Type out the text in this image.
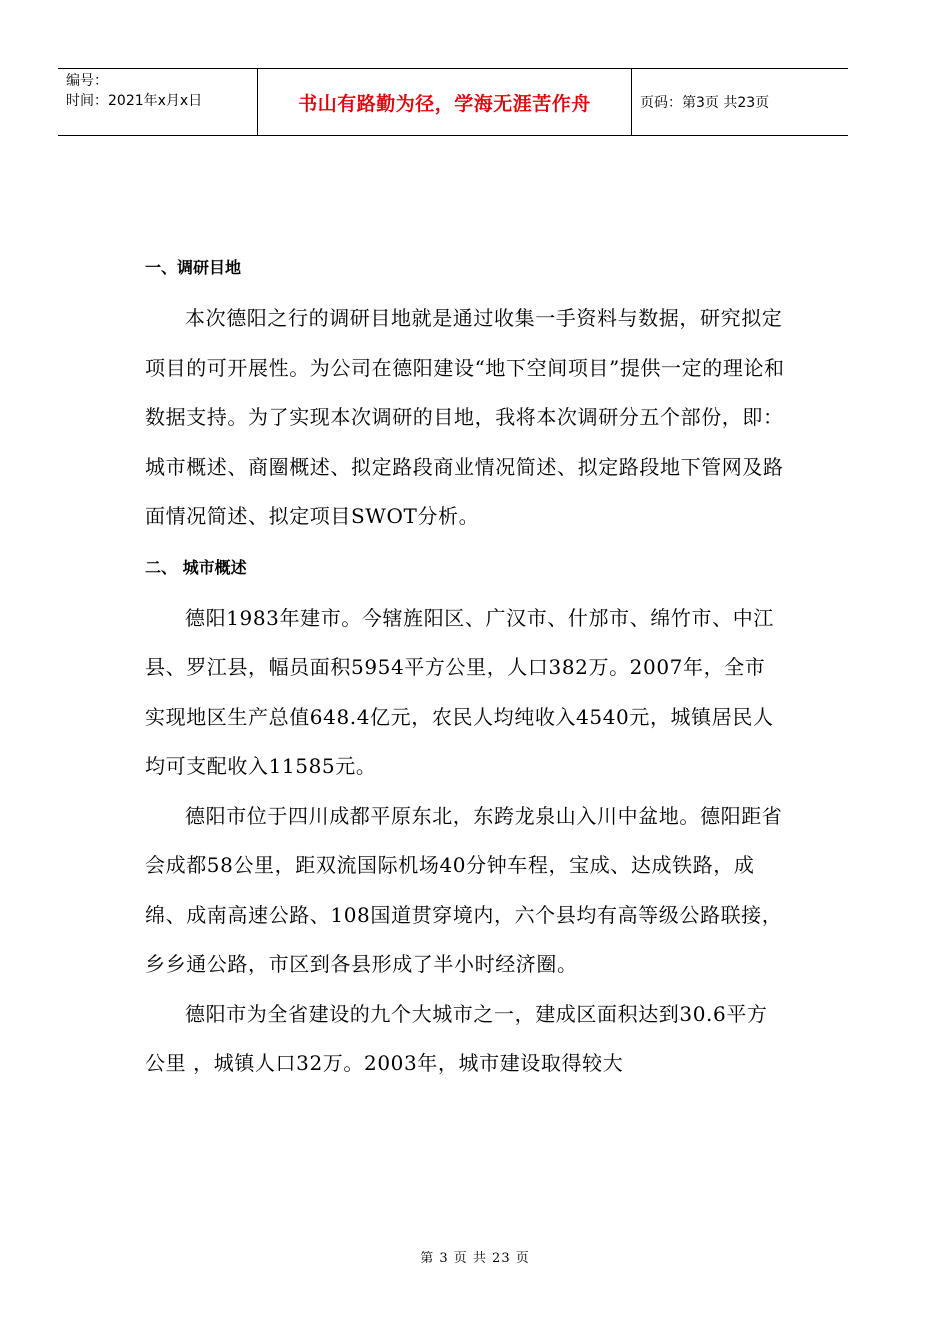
编号：
时间：2021年x月x日	书山有路勤为径，学海无涯苦作舟	页码：第3页 共23页
一、调研目地

本次德阳之行的调研目地就是通过收集一手资料与数据，研究拟定项目的可开展性。为公司在德阳建设“地下空间项目”提供一定的理论和数据支持。为了实现本次调研的目地，我将本次调研分五个部份，即：城市概述、商圈概述、拟定路段商业情况简述、拟定路段地下管网及路面情况简述、拟定项目SWOT分析。

二、 城市概述

德阳1983年建市。今辖旌阳区、广汉市、什邡市、绵竹市、中江县、罗江县，幅员面积5954平方公里，人口382万。2007年，全市实现地区生产总值648.4亿元，农民人均纯收入4540元，城镇居民人均可支配收入11585元。

德阳市位于四川成都平原东北，东跨龙泉山入川中盆地。德阳距省会成都58公里，距双流国际机场40分钟车程，宝成、达成铁路，成绵、成南高速公路、108国道贯穿境内，六个县均有高等级公路联接，乡乡通公路，市区到各县形成了半小时经济圈。

德阳市为全省建设的九个大城市之一，建成区面积达到30.6平方公里 ，城镇人口32万。2003年，城市建设取得较大

第 3 页 共 23 页
